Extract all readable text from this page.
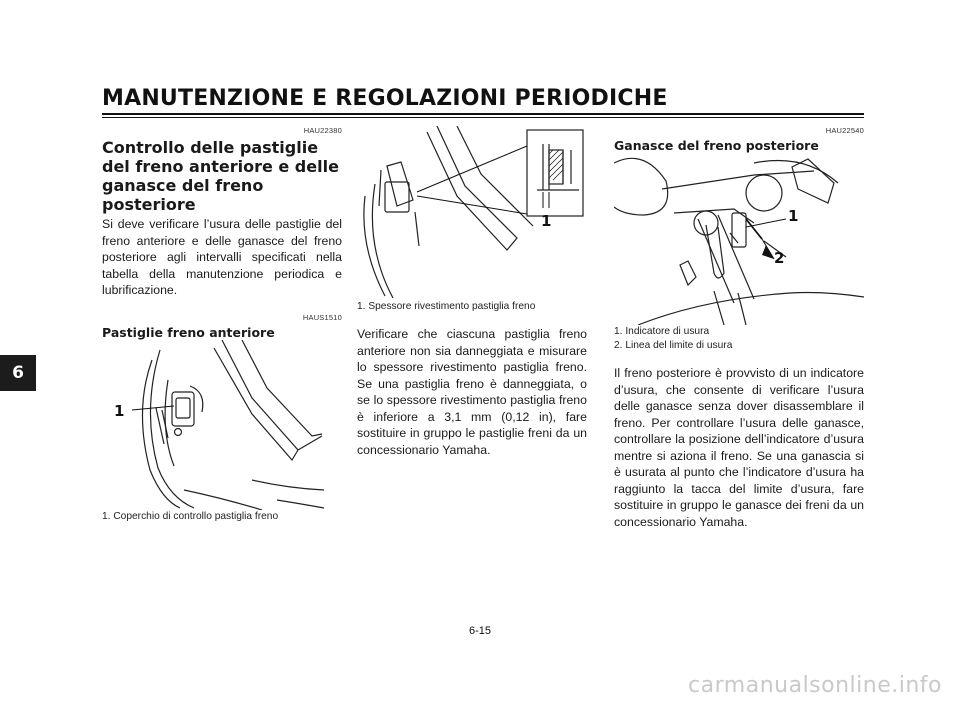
MANUTENZIONE E REGOLAZIONI PERIODICHE
6

HAU22380

Controllo delle pastiglie del freno anteriore e delle ganasce del freno posteriore

Si deve verificare l’usura delle pastiglie del freno anteriore e delle ganasce del freno posteriore agli intervalli specificati nella tabella della manutenzione periodica e lubrificazione.

HAUS1510

Pastiglie freno anteriore
1

1. Coperchio di controllo pastiglia freno

1

1. Spessore rivestimento pastiglia freno

Verificare che ciascuna pastiglia freno anteriore non sia danneggiata e misurare lo spessore rivestimento pastiglia freno. Se una pastiglia freno è danneggiata, o se lo spessore rivestimento pastiglia freno è inferiore a 3,1 mm (0,12 in), fare sostituire in gruppo le pastiglie freni da un concessionario Yamaha.

HAU22540

Ganasce del freno posteriore
1
2

1. Indicatore di usura

2. Linea del limite di usura

Il freno posteriore è provvisto di un indicatore d’usura, che consente di verificare l’usura delle ganasce senza dover disassemblare il freno. Per controllare l’usura delle ganasce, controllare la posizione dell’indicatore d’usura mentre si aziona il freno. Se una ganascia si è usurata al punto che l’indicatore d’usura ha raggiunto la tacca del limite d’usura, fare sostituire in gruppo le ganasce dei freni da un concessionario Yamaha.

6-15
carmanualsonline.info
